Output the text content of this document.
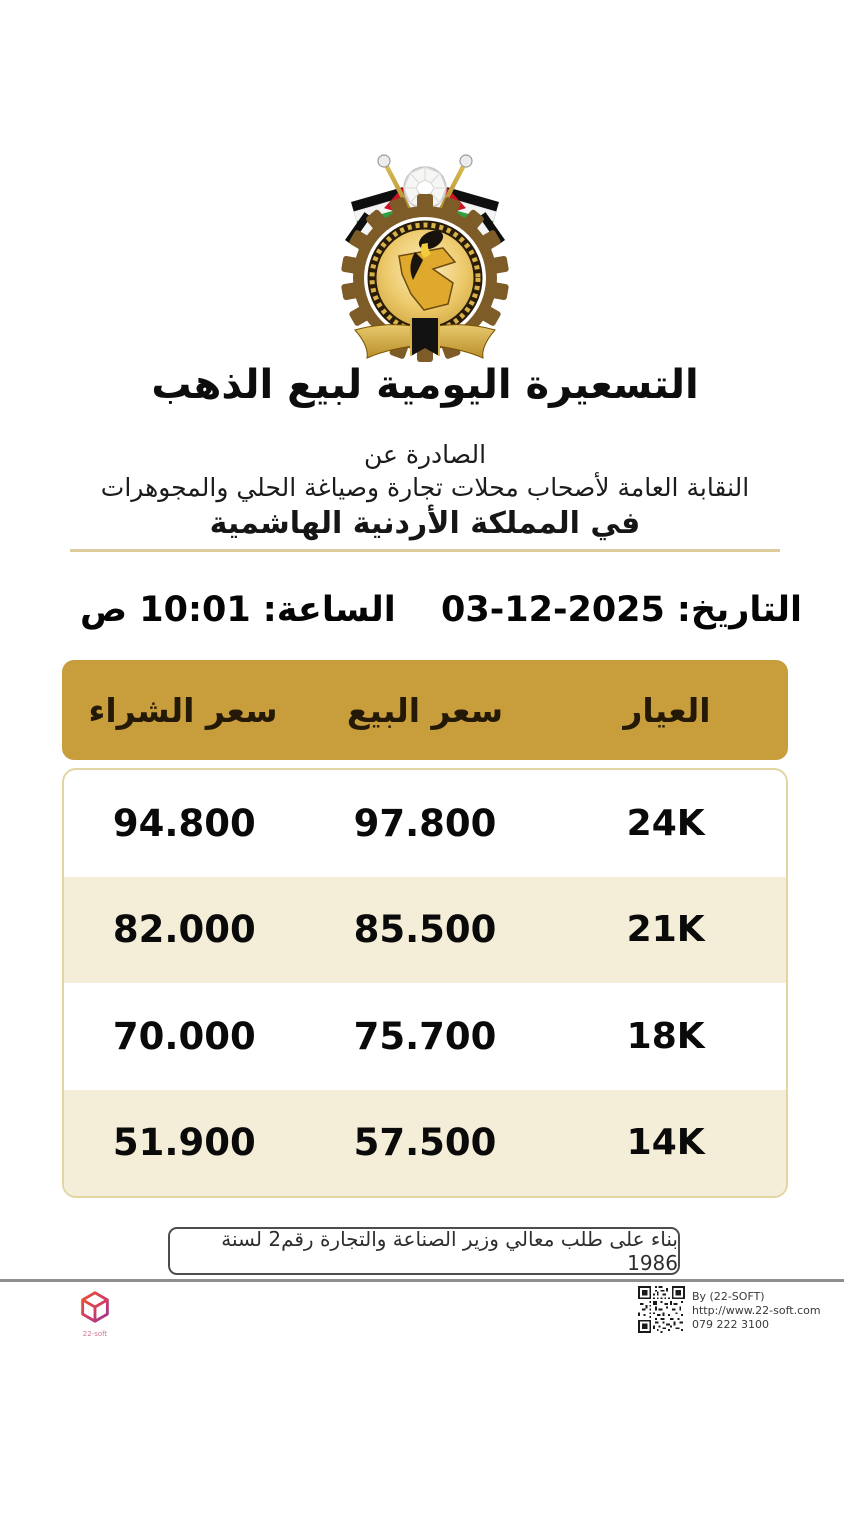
التسعيرة اليومية لبيع الذهب
الصادرة عن
النقابة العامة لأصحاب محلات تجارة وصياغة الحلي والمجوهرات
في المملكة الأردنية الهاشمية
التاريخ:
03-12-2025
الساعة:
10:01 ص
العيار
سعر البيع
سعر الشراء
24K
97.800
94.800
21K
85.500
82.000
18K
75.700
70.000
14K
57.500
51.900
بناء على طلب معالي وزير الصناعة والتجارة رقم2 لسنة 1986
By (22-SOFT)
http://www.22-soft.com
079 222 3100
22-soft
